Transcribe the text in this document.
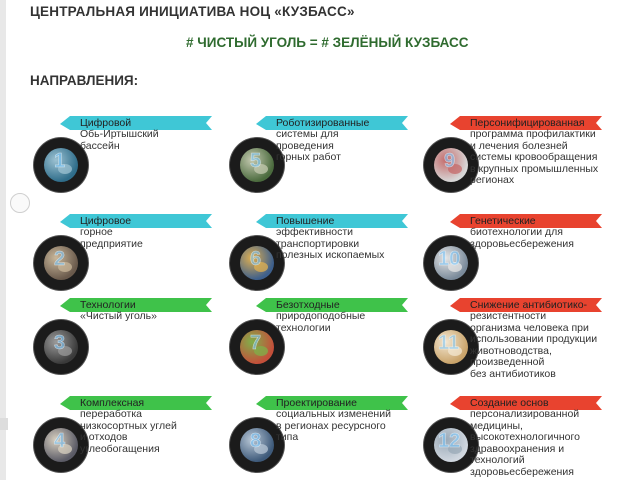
ЦЕНТРАЛЬНАЯ ИНИЦИАТИВА НОЦ «КУЗБАСС»
# ЧИСТЫЙ УГОЛЬ = # ЗЕЛЁНЫЙ КУЗБАСС
НАПРАВЛЕНИЯ:
1
Цифровой
Обь-Иртышский
бассейн
2
Цифровое
горное
предприятие
3
Технологии
«Чистый уголь»
4
Комплексная
переработка
низкосортных углей
и отходов
углеобогащения
5
Роботизированные
системы для
проведения
горных работ
6
Повышение
эффективности
транспортировки
полезных ископаемых
7
Безотходные
природоподобные
технологии
8
Проектирование
социальных изменений
в регионах ресурсного
типа
9
Персонифицированная
программа профилактики
и лечения болезней
системы кровообращения
в крупных промышленных
регионах
10
Генетические
биотехнологии для
здоровьесбережения
11
Снижение антибиотико-
резистентности
организма человека при
использовании продукции
животноводства,
произведенной
без антибиотиков
12
Создание основ
персонализированной
медицины,
высокотехнологичного
здравоохранения и
технологий
здоровьесбережения
